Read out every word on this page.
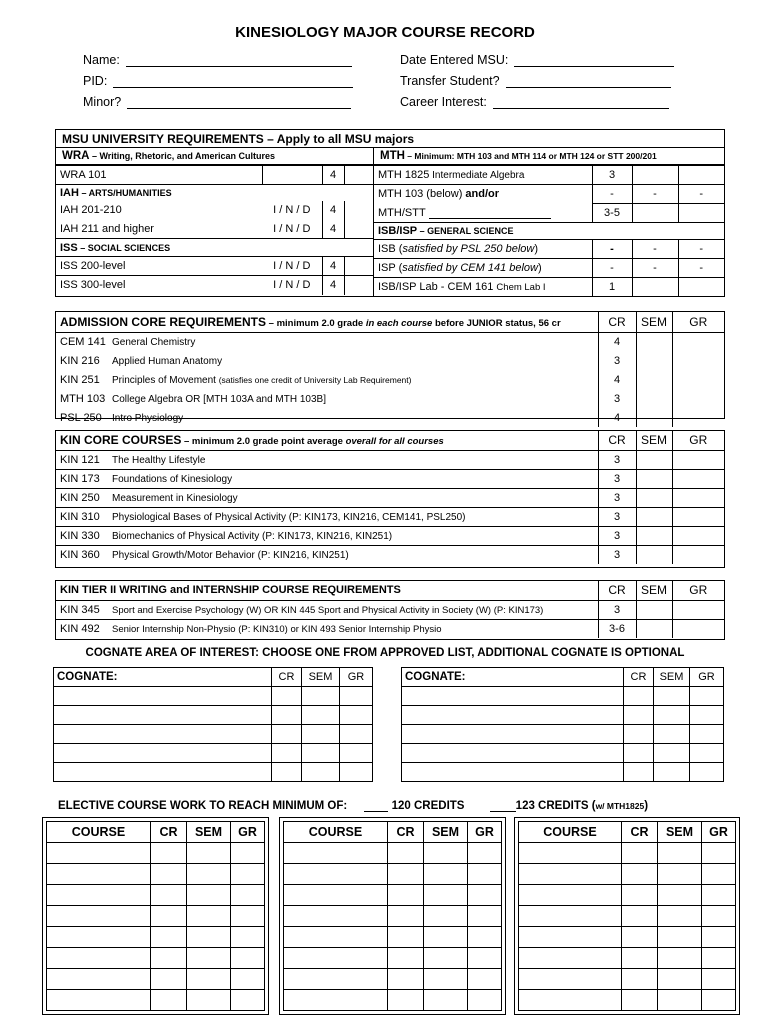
KINESIOLOGY MAJOR COURSE RECORD
Name:
PID:
Minor?
Date Entered MSU:
Transfer Student?
Career Interest:
MSU UNIVERSITY REQUIREMENTS – Apply to all MSU majors
WRA – Writing, Rhetoric, and American Cultures
WRA 101		4	
IAH – ARTS/HUMANITIES			
IAH 201-210	I / N / D	4	
IAH 211 and higher	I / N / D	4	
ISS – SOCIAL SCIENCES			
ISS 200-level	I / N / D	4	
ISS 300-level	I / N / D	4	
MTH – Minimum: MTH 103 and MTH 114 or MTH 124 or STT 200/201
MTH 1825 Intermediate Algebra	3		
MTH 103 (below) and/or	-	-	-
MTH/STT	3-5		
ISB/ISP – GENERAL SCIENCE			
ISB (satisfied by PSL 250 below)	-	-	-
ISP (satisfied by CEM 141 below)	-	-	-
ISB/ISP Lab - CEM 161 Chem Lab I	1		
ADMISSION CORE REQUIREMENTS – minimum 2.0 grade in each course before JUNIOR status, 56 cr	CR	SEM	GR
CEM 141 General Chemistry	4		
KIN 216 Applied Human Anatomy	3		
KIN 251 Principles of Movement (satisfies one credit of University Lab Requirement)	4		
MTH 103 College Algebra OR [MTH 103A and MTH 103B]	3		
PSL 250 Intro Physiology	4		
KIN CORE COURSES – minimum 2.0 grade point average overall for all courses	CR	SEM	GR
KIN 121 The Healthy Lifestyle	3		
KIN 173 Foundations of Kinesiology	3		
KIN 250 Measurement in Kinesiology	3		
KIN 310 Physiological Bases of Physical Activity (P: KIN173, KIN216, CEM141, PSL250)	3		
KIN 330 Biomechanics of Physical Activity (P: KIN173, KIN216, KIN251)	3		
KIN 360 Physical Growth/Motor Behavior (P: KIN216, KIN251)	3		
KIN TIER II WRITING and INTERNSHIP COURSE REQUIREMENTS	CR	SEM	GR
KIN 345 Sport and Exercise Psychology (W) OR KIN 445 Sport and Physical Activity in Society (W) (P: KIN173)	3		
KIN 492 Senior Internship Non-Physio (P: KIN310) or KIN 493 Senior Internship Physio	3-6		
COGNATE AREA OF INTEREST: CHOOSE ONE FROM APPROVED LIST, ADDITIONAL COGNATE IS OPTIONAL
COGNATE:	CR	SEM	GR

				COGNATE:	CR	SEM	GR

ELECTIVE COURSE WORK TO REACH MINIMUM OF:	120 CREDITS	123 CREDITS (w/ MTH1825)
COURSE	CR	SEM	GR

				COURSE	CR	SEM	GR

				COURSE	CR	SEM	GR
